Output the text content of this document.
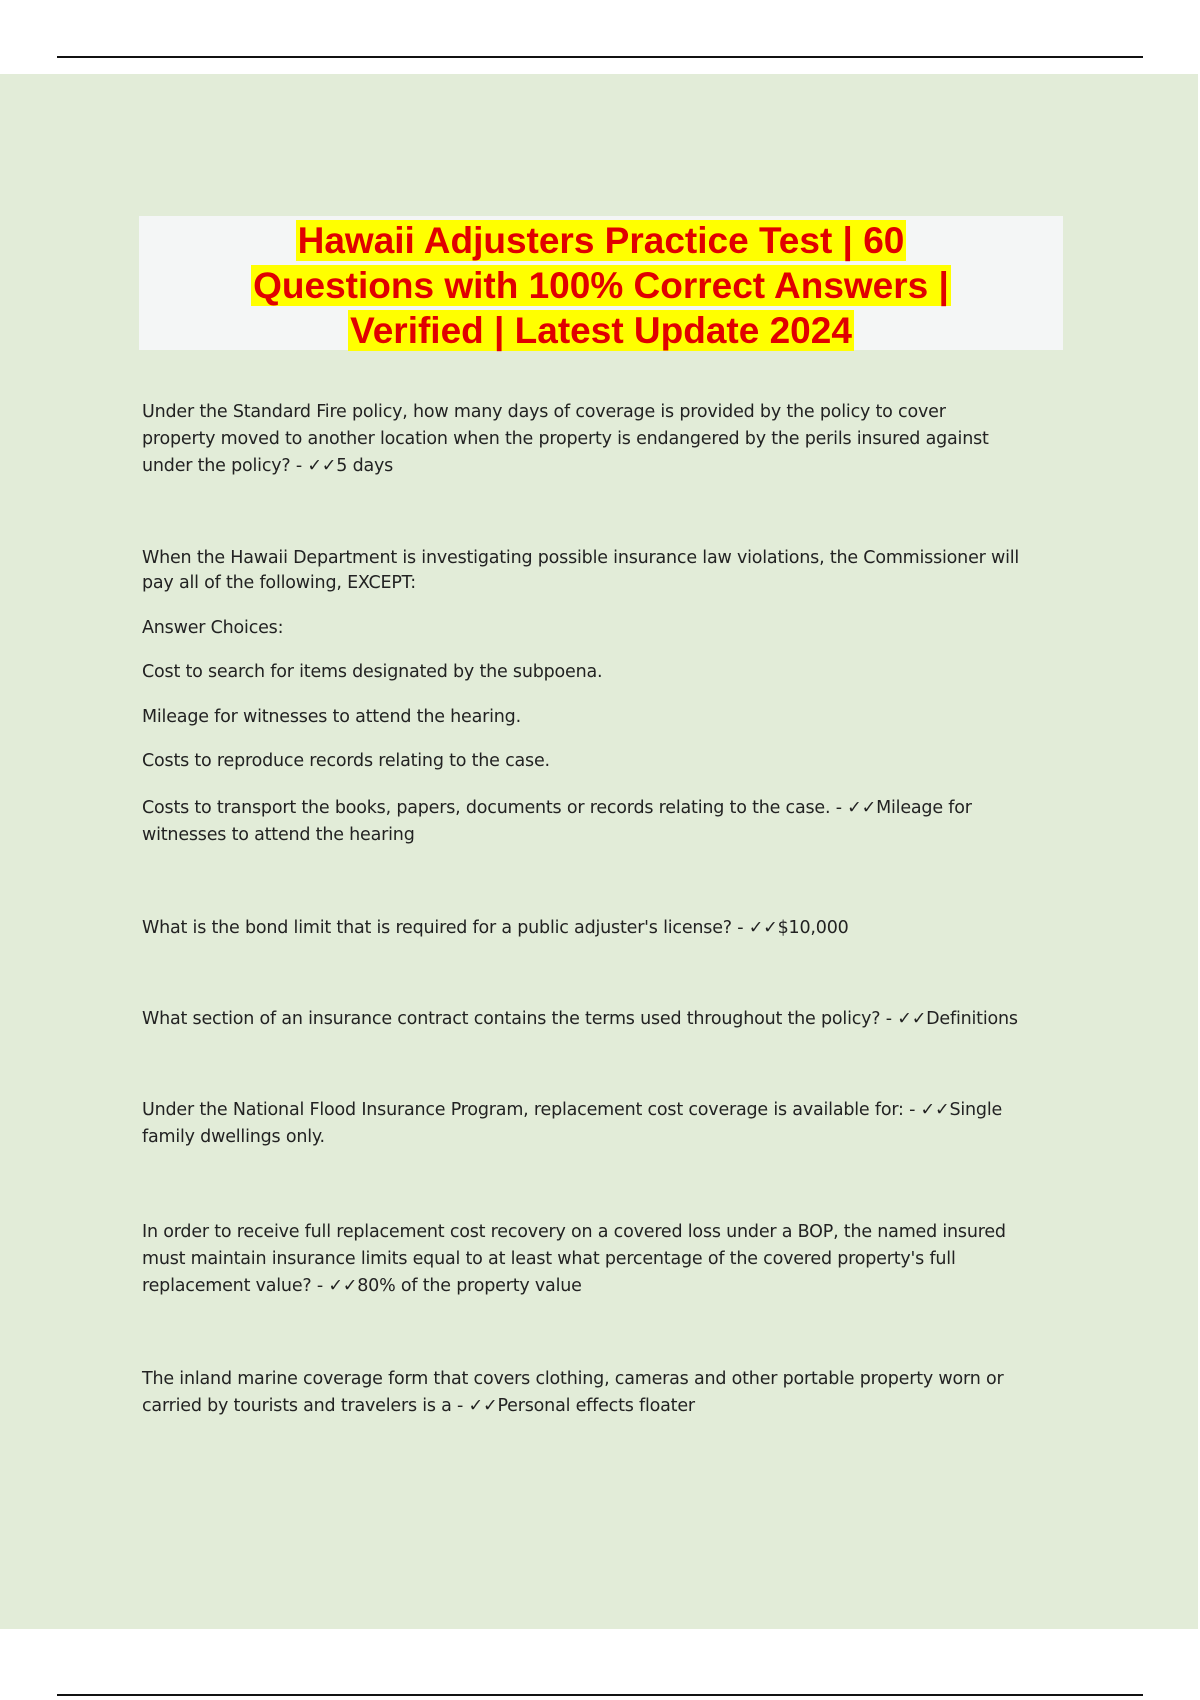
Hawaii Adjusters Practice Test | 60
Questions with 100% Correct Answers |
Verified | Latest Update 2024

Under the Standard Fire policy, how many days of coverage is provided by the policy to cover property moved to another location when the property is endangered by the perils insured against under the policy? - ✓✓5 days

When the Hawaii Department is investigating possible insurance law violations, the Commissioner will pay all of the following, EXCEPT:

Answer Choices:

Cost to search for items designated by the subpoena.

Mileage for witnesses to attend the hearing.

Costs to reproduce records relating to the case.

Costs to transport the books, papers, documents or records relating to the case. - ✓✓Mileage for witnesses to attend the hearing

What is the bond limit that is required for a public adjuster's license? - ✓✓$10,000

What section of an insurance contract contains the terms used throughout the policy? - ✓✓Definitions

Under the National Flood Insurance Program, replacement cost coverage is available for: - ✓✓Single family dwellings only.

In order to receive full replacement cost recovery on a covered loss under a BOP, the named insured must maintain insurance limits equal to at least what percentage of the covered property's full replacement value? - ✓✓80% of the property value

The inland marine coverage form that covers clothing, cameras and other portable property worn or carried by tourists and travelers is a - ✓✓Personal effects floater
